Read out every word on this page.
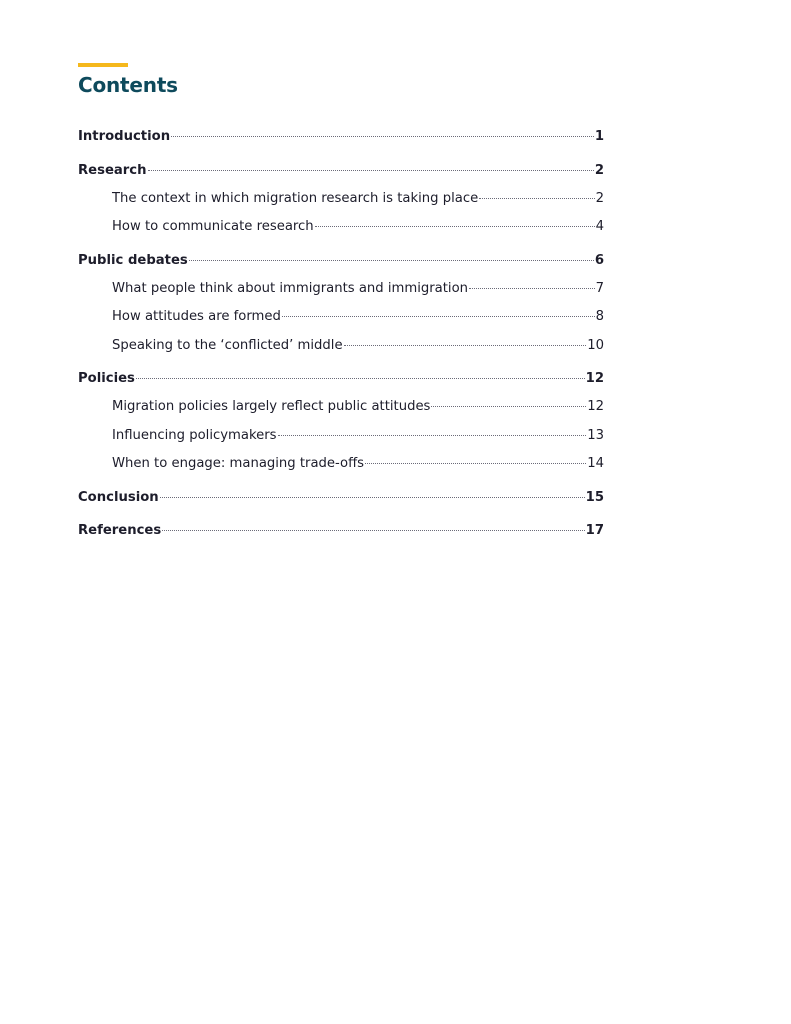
Contents
Introduction	1
Research	2
The context in which migration research is taking place	2
How to communicate research	4
Public debates	6
What people think about immigrants and immigration	7
How attitudes are formed	8
Speaking to the ‘conflicted’ middle	10
Policies	12
Migration policies largely reflect public attitudes	12
Influencing policymakers	13
When to engage: managing trade-offs	14
Conclusion	15
References	17
